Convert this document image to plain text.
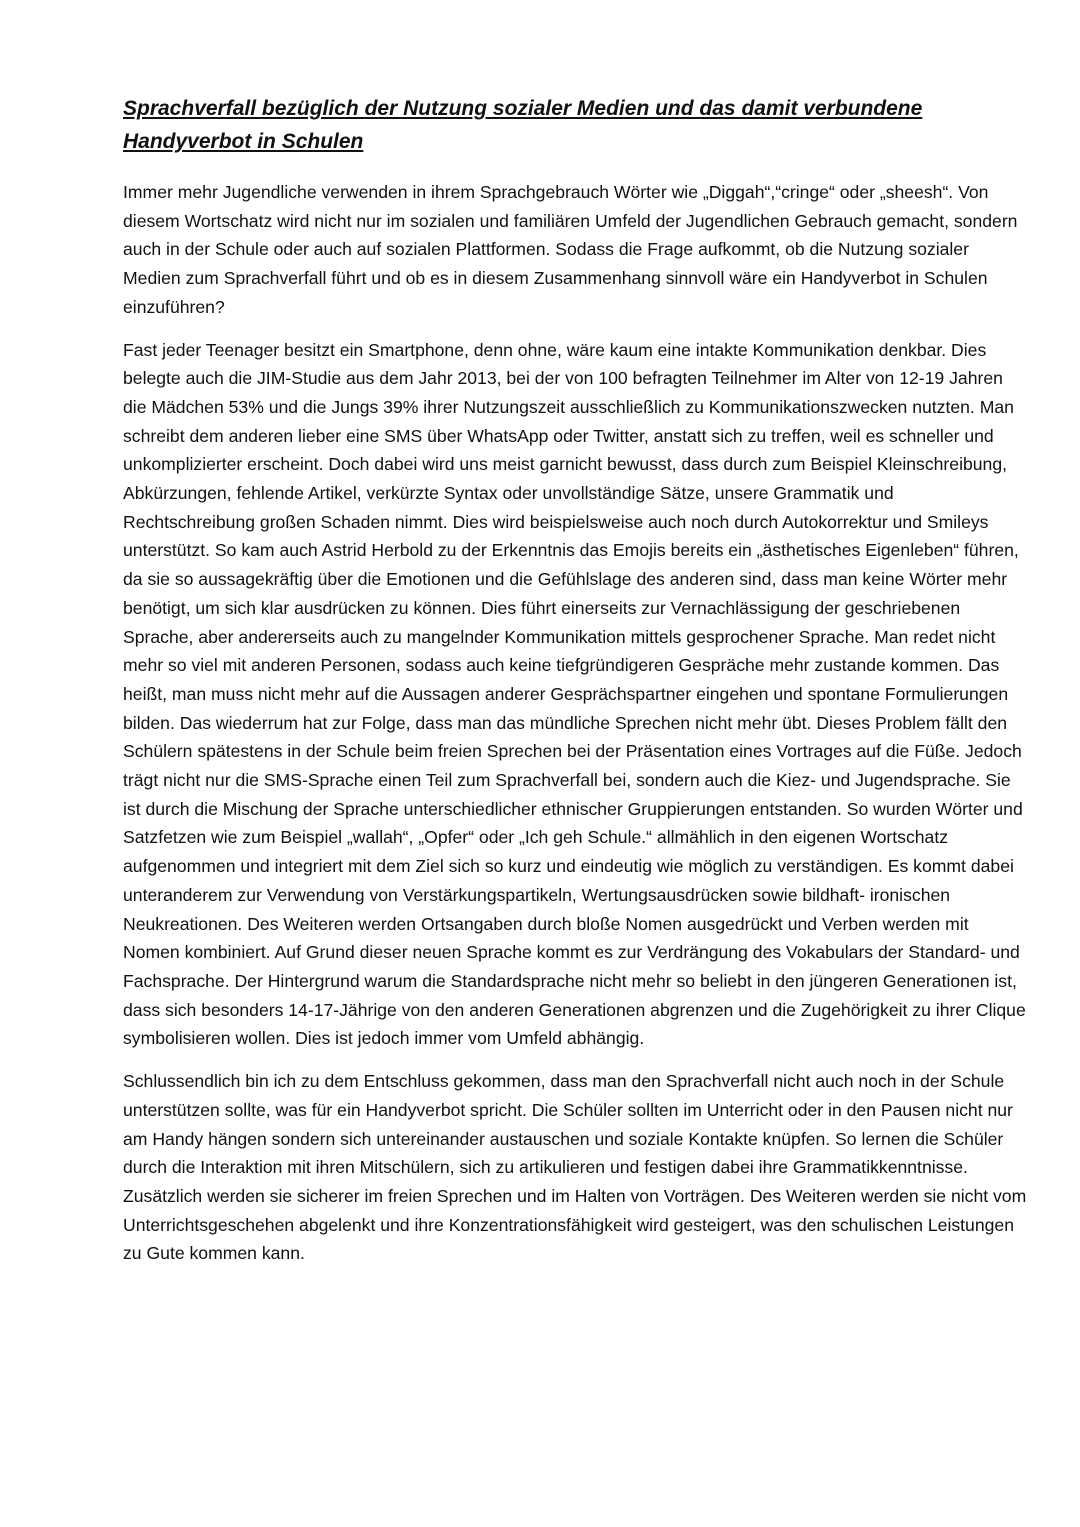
Sprachverfall bezüglich der Nutzung sozialer Medien und das damit verbundene Handyverbot in Schulen

Immer mehr Jugendliche verwenden in ihrem Sprachgebrauch Wörter wie „Diggah“,“cringe“ oder „sheesh“. Von diesem Wortschatz wird nicht nur im sozialen und familiären Umfeld der Jugendlichen Gebrauch gemacht, sondern auch in der Schule oder auch auf sozialen Plattformen. Sodass die Frage aufkommt, ob die Nutzung sozialer Medien zum Sprachverfall führt und ob es in diesem Zusammenhang sinnvoll wäre ein Handyverbot in Schulen einzuführen?

Fast jeder Teenager besitzt ein Smartphone, denn ohne, wäre kaum eine intakte Kommunikation denkbar. Dies belegte auch die JIM-Studie aus dem Jahr 2013, bei der von 100 befragten Teilnehmer im Alter von 12-19 Jahren die Mädchen 53% und die Jungs 39% ihrer Nutzungszeit ausschließlich zu Kommunikationszwecken nutzten. Man schreibt dem anderen lieber eine SMS über WhatsApp oder Twitter, anstatt sich zu treffen, weil es schneller und unkomplizierter erscheint. Doch dabei wird uns meist garnicht bewusst, dass durch zum Beispiel Kleinschreibung, Abkürzungen, fehlende Artikel, verkürzte Syntax oder unvollständige Sätze, unsere Grammatik und Rechtschreibung großen Schaden nimmt. Dies wird beispielsweise auch noch durch Autokorrektur und Smileys unterstützt. So kam auch Astrid Herbold zu der Erkenntnis das Emojis bereits ein „ästhetisches Eigenleben“ führen, da sie so aussagekräftig über die Emotionen und die Gefühlslage des anderen sind, dass man keine Wörter mehr benötigt, um sich klar ausdrücken zu können. Dies führt einerseits zur Vernachlässigung der geschriebenen Sprache, aber andererseits auch zu mangelnder Kommunikation mittels gesprochener Sprache. Man redet nicht mehr so viel mit anderen Personen, sodass auch keine tiefgründigeren Gespräche mehr zustande kommen. Das heißt, man muss nicht mehr auf die Aussagen anderer Gesprächspartner eingehen und spontane Formulierungen bilden. Das wiederrum hat zur Folge, dass man das mündliche Sprechen nicht mehr übt. Dieses Problem fällt den Schülern spätestens in der Schule beim freien Sprechen bei der Präsentation eines Vortrages auf die Füße. Jedoch trägt nicht nur die SMS-Sprache einen Teil zum Sprachverfall bei, sondern auch die Kiez- und Jugendsprache. Sie ist durch die Mischung der Sprache unterschiedlicher ethnischer Gruppierungen entstanden. So wurden Wörter und Satzfetzen wie zum Beispiel „wallah“, „Opfer“ oder „Ich geh Schule.“ allmählich in den eigenen Wortschatz aufgenommen und integriert mit dem Ziel sich so kurz und eindeutig wie möglich zu verständigen. Es kommt dabei unteranderem zur Verwendung von Verstärkungspartikeln, Wertungsausdrücken sowie bildhaft- ironischen Neukreationen. Des Weiteren werden Ortsangaben durch bloße Nomen ausgedrückt und Verben werden mit Nomen kombiniert. Auf Grund dieser neuen Sprache kommt es zur Verdrängung des Vokabulars der Standard- und Fachsprache. Der Hintergrund warum die Standardsprache nicht mehr so beliebt in den jüngeren Generationen ist, dass sich besonders 14-17-Jährige von den anderen Generationen abgrenzen und die Zugehörigkeit zu ihrer Clique symbolisieren wollen. Dies ist jedoch immer vom Umfeld abhängig.

Schlussendlich bin ich zu dem Entschluss gekommen, dass man den Sprachverfall nicht auch noch in der Schule unterstützen sollte, was für ein Handyverbot spricht. Die Schüler sollten im Unterricht oder in den Pausen nicht nur am Handy hängen sondern sich untereinander austauschen und soziale Kontakte knüpfen. So lernen die Schüler durch die Interaktion mit ihren Mitschülern, sich zu artikulieren und festigen dabei ihre Grammatikkenntnisse. Zusätzlich werden sie sicherer im freien Sprechen und im Halten von Vorträgen. Des Weiteren werden sie nicht vom Unterrichtsgeschehen abgelenkt und ihre Konzentrationsfähigkeit wird gesteigert, was den schulischen Leistungen zu Gute kommen kann.
